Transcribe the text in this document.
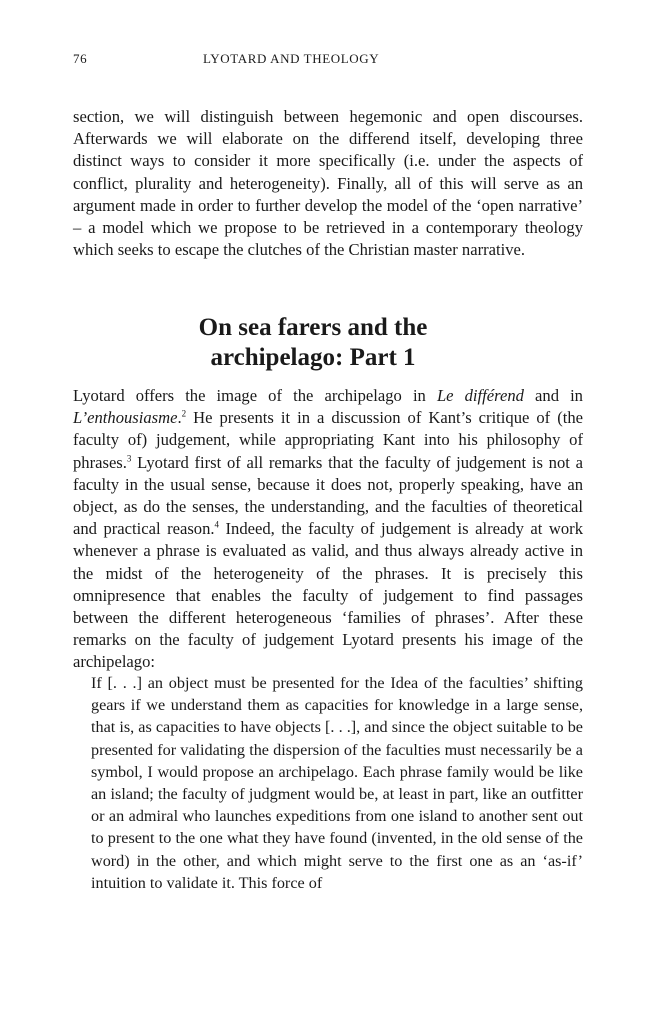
76	LYOTARD AND THEOLOGY

section, we will distinguish between hegemonic and open discourses. Afterwards we will elaborate on the differend itself, developing three distinct ways to consider it more specifically (i.e. under the aspects of conflict, plurality and heterogeneity). Finally, all of this will serve as an argument made in order to further develop the model of the ‘open narrative’ – a model which we propose to be retrieved in a contemporary theology which seeks to escape the clutches of the Christian master narrative.

On sea farers and the
archipelago: Part 1

Lyotard offers the image of the archipelago in Le différend and in L’enthousiasme.$^2$ He presents it in a discussion of Kant’s critique of (the faculty of) judgement, while appropriating Kant into his philosophy of phrases.$^3$ Lyotard first of all remarks that the faculty of judgement is not a faculty in the usual sense, because it does not, properly speaking, have an object, as do the senses, the understanding, and the faculties of theoretical and practical reason.$^4$ Indeed, the faculty of judgement is already at work whenever a phrase is evaluated as valid, and thus always already active in the midst of the heterogeneity of the phrases. It is precisely this omnipresence that enables the faculty of judgement to find passages between the different heterogeneous ‘families of phrases’. After these remarks on the faculty of judgement Lyotard presents his image of the archipelago:

If [. . .] an object must be presented for the Idea of the faculties’ shifting gears if we understand them as capacities for knowledge in a large sense, that is, as capacities to have objects [. . .], and since the object suitable to be presented for validating the dispersion of the faculties must necessarily be a symbol, I would propose an archipelago. Each phrase family would be like an island; the faculty of judgment would be, at least in part, like an outfitter or an admiral who launches expeditions from one island to another sent out to present to the one what they have found (invented, in the old sense of the word) in the other, and which might serve to the first one as an ‘as-if’ intuition to validate it. This force of
